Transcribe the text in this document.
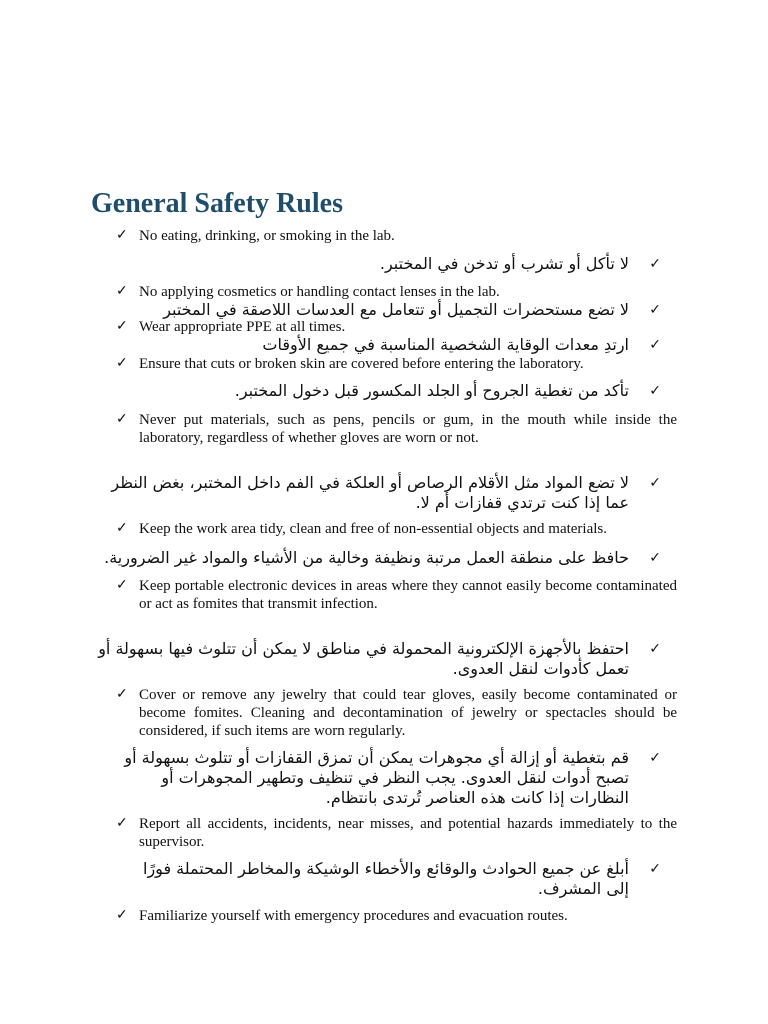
General Safety Rules
✓ No eating, drinking, or smoking in the lab.
✓
لا تأكل أو تشرب أو تدخن في المختبر.
✓ No applying cosmetics or handling contact lenses in the lab.
✓
لا تضع مستحضرات التجميل أو تتعامل مع العدسات اللاصقة في المختبر
✓ Wear appropriate PPE at all times.
✓
ارتدِ معدات الوقاية الشخصية المناسبة في جميع الأوقات
✓ Ensure that cuts or broken skin are covered before entering the laboratory.
✓
تأكد من تغطية الجروح أو الجلد المكسور قبل دخول المختبر.
✓ Never put materials, such as pens, pencils or gum, in the mouth while inside the laboratory, regardless of whether gloves are worn or not.
✓
لا تضع المواد مثل الأقلام الرصاص أو العلكة في الفم داخل المختبر، بغض النظر عما إذا كنت ترتدي قفازات أم لا.
✓ Keep the work area tidy, clean and free of non-essential objects and materials.
✓
حافظ على منطقة العمل مرتبة ونظيفة وخالية من الأشياء والمواد غير الضرورية.
✓ Keep portable electronic devices in areas where they cannot easily become contaminated or act as fomites that transmit infection.
✓
احتفظ بالأجهزة الإلكترونية المحمولة في مناطق لا يمكن أن تتلوث فيها بسهولة أو تعمل كأدوات لنقل العدوى.
✓ Cover or remove any jewelry that could tear gloves, easily become contaminated or become fomites. Cleaning and decontamination of jewelry or spectacles should be considered, if such items are worn regularly.
✓
قم بتغطية أو إزالة أي مجوهرات يمكن أن تمزق القفازات أو تتلوث بسهولة أو تصبح أدوات لنقل العدوى. يجب النظر في تنظيف وتطهير المجوهرات أو النظارات إذا كانت هذه العناصر تُرتدى بانتظام.
✓ Report all accidents, incidents, near misses, and potential hazards immediately to the supervisor.
✓
أبلغ عن جميع الحوادث والوقائع والأخطاء الوشيكة والمخاطر المحتملة فورًا إلى المشرف.
✓ Familiarize yourself with emergency procedures and evacuation routes.
